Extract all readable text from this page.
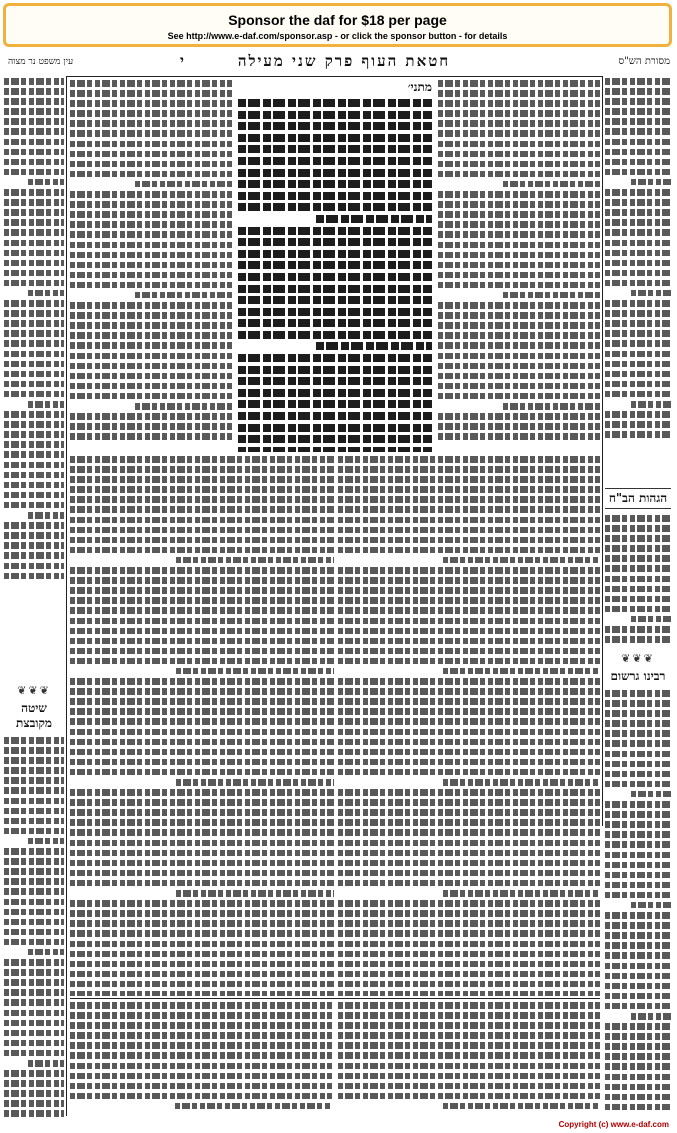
Sponsor the daf for $18 per page
See http://www.e-daf.com/sponsor.asp - or click the sponsor button - for details
עין משפט נר מצוה	י	חטאת העוף פרק שני מעילה	מסורת הש"ס
❦❦❦
שיטה מקובצת
הגהות הב"ח
❦❦❦
רבינו גרשום
מתני׳
Copyright (c) www.e-daf.com
